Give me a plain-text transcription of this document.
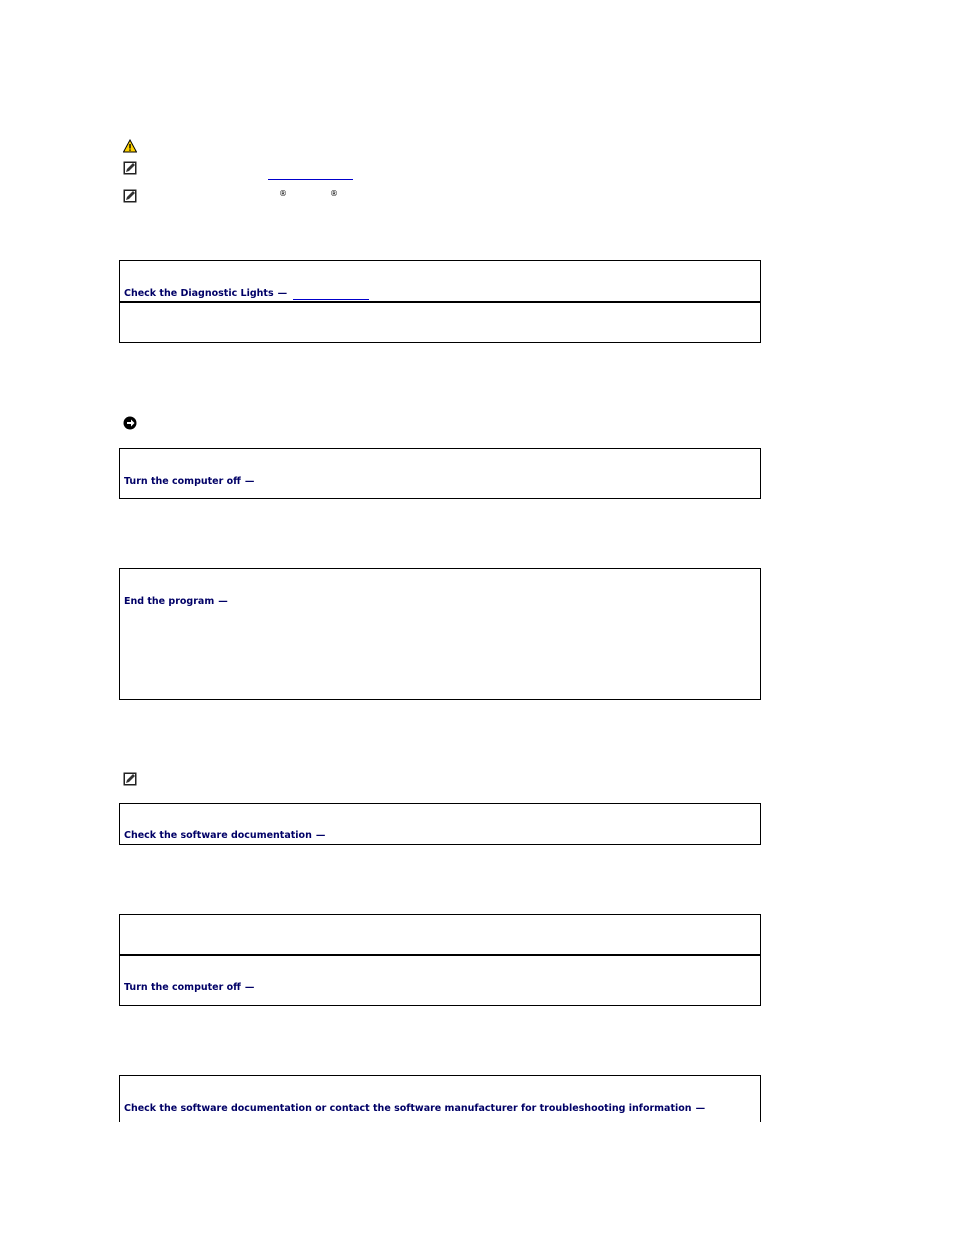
®	®
Check the Diagnostic Lights —
Turn the computer off —
End the program —
Check the software documentation —
Turn the computer off —
Check the software documentation or contact the software manufacturer for troubleshooting information —
